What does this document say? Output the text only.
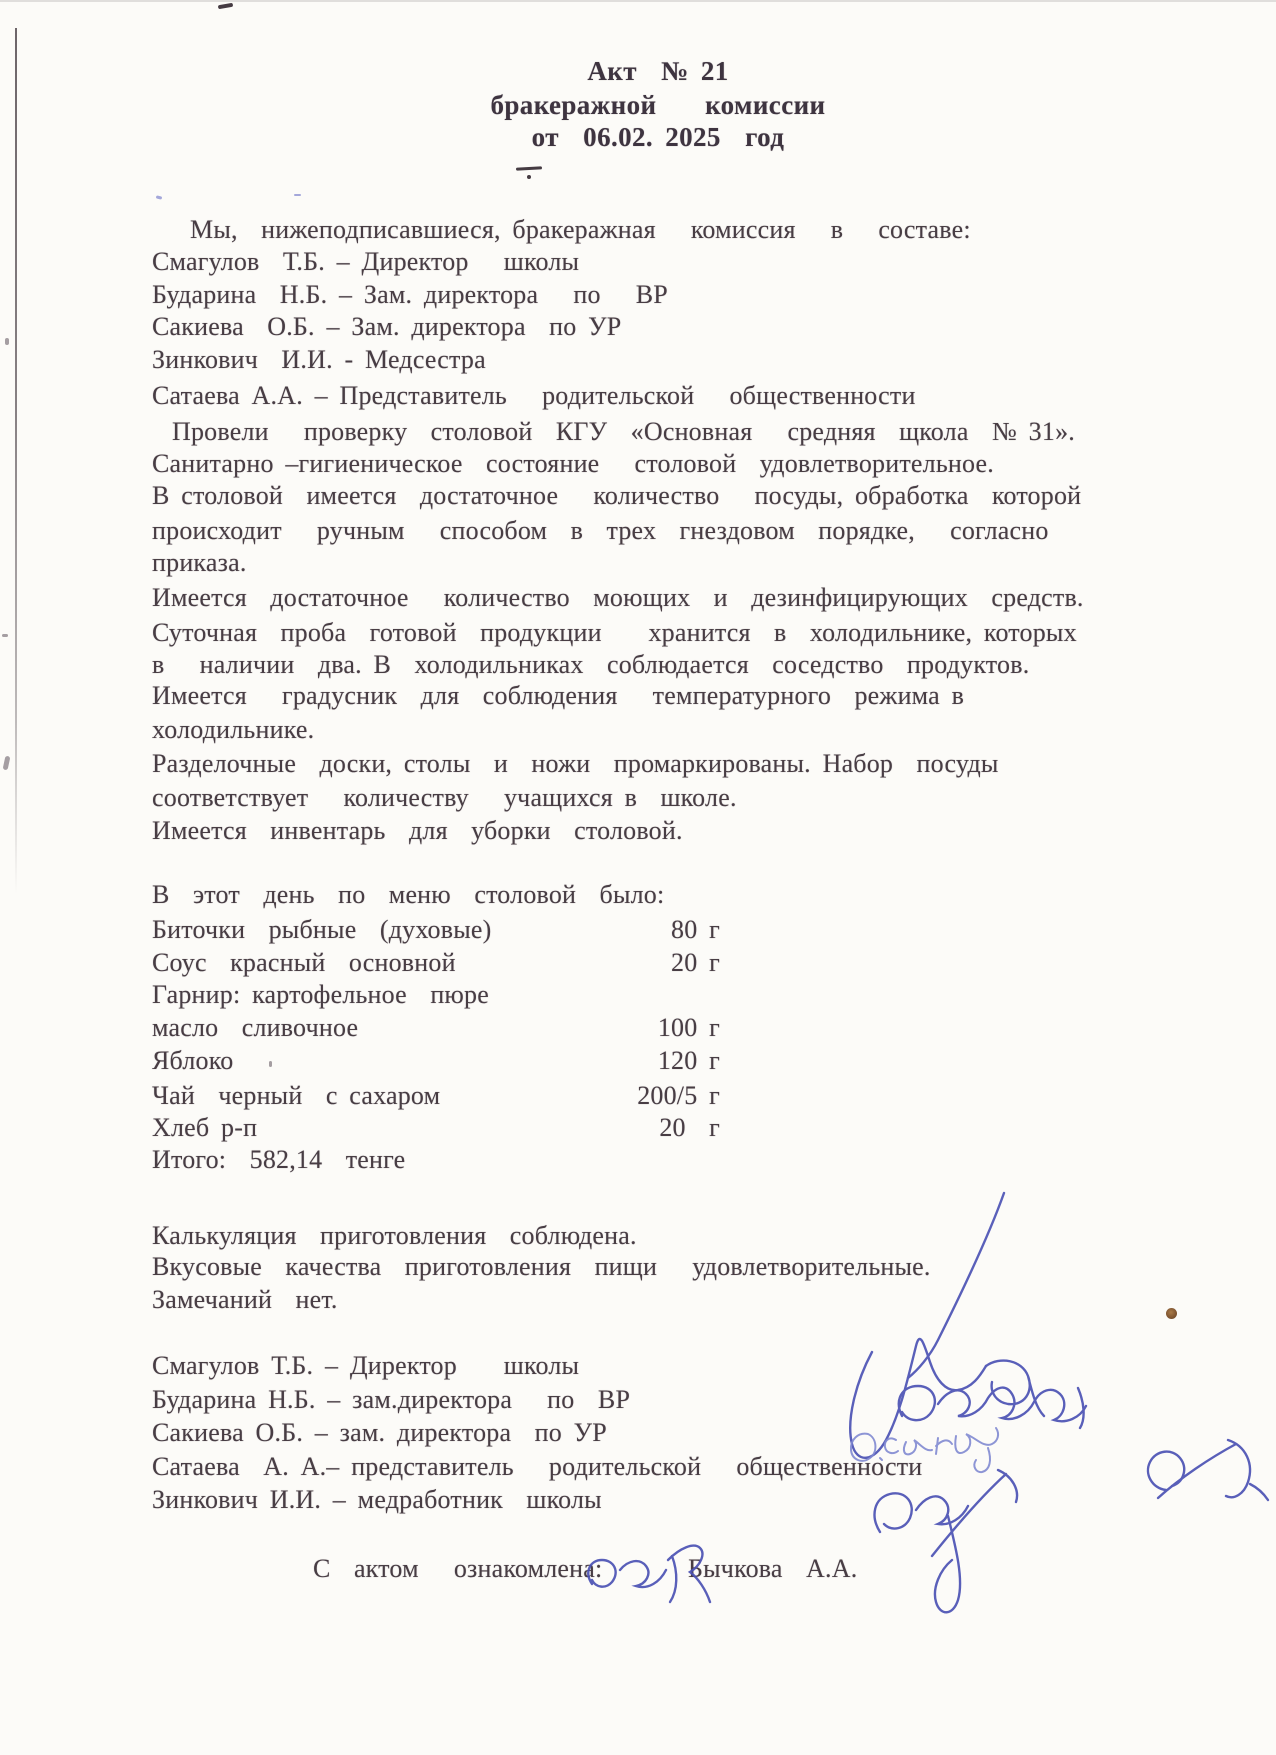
Акт  № 21
бракеражной    комиссии
от  06.02. 2025  год
Мы,  нижеподписавшиеся, бракеражная   комиссия   в   составе:
Смагулов  Т.Б. – Директор   школы
Бударина  Н.Б. – Зам. директора   по   ВР
Сакиева  О.Б. – Зам. директора  по УР
Зинкович  И.И. - Медсестра
Сатаева А.А. – Представитель   родительской   общественности
Провели   проверку  столовой  КГУ  «Основная   средняя  щкола  № 31».
Санитарно –гигиеническое  состояние   столовой  удовлетворительное.
В столовой  имеется  достаточное   количество   посуды, обработка  которой
происходит   ручным   способом  в  трех  гнездовом  порядке,   согласно
приказа.
Имеется  достаточное   количество  моющих  и  дезинфицирующих  средств.
Суточная  проба  готовой  продукции    хранится  в  холодильнике, которых
в   наличии  два. В  холодильниках  соблюдается  соседство  продуктов.
Имеется   градусник  для  соблюдения   температурного  режима в
холодильнике.
Разделочные  доски, столы  и  ножи  промаркированы. Набор  посуды
соответствует   количеству   учащихся в  школе.
Имеется  инвентарь  для  уборки  столовой.
В  этот  день  по  меню  столовой  было:
Биточки  рыбные  (духовые)	80 г
Соус  красный  основной	20 г
Гарнир: картофельное  пюре
масло  сливочное	100 г
Яблоко	120 г
Чай  черный  с сахаром	200/5 г
Хлеб р-п	20  г
Итого:  582,14  тенге
Калькуляция  приготовления  соблюдена.
Вкусовые  качества  приготовления  пищи   удовлетворительные.
Замечаний  нет.
Смагулов Т.Б. – Директор    школы
Бударина Н.Б. – зам.директора   по  ВР
Сакиева О.Б. – зам. директора  по УР
Сатаева  А. А.– представитель   родительской   общественности
Зинкович И.И. – медработник  школы
С  актом   ознакомлена:	Бычкова  А.А.
